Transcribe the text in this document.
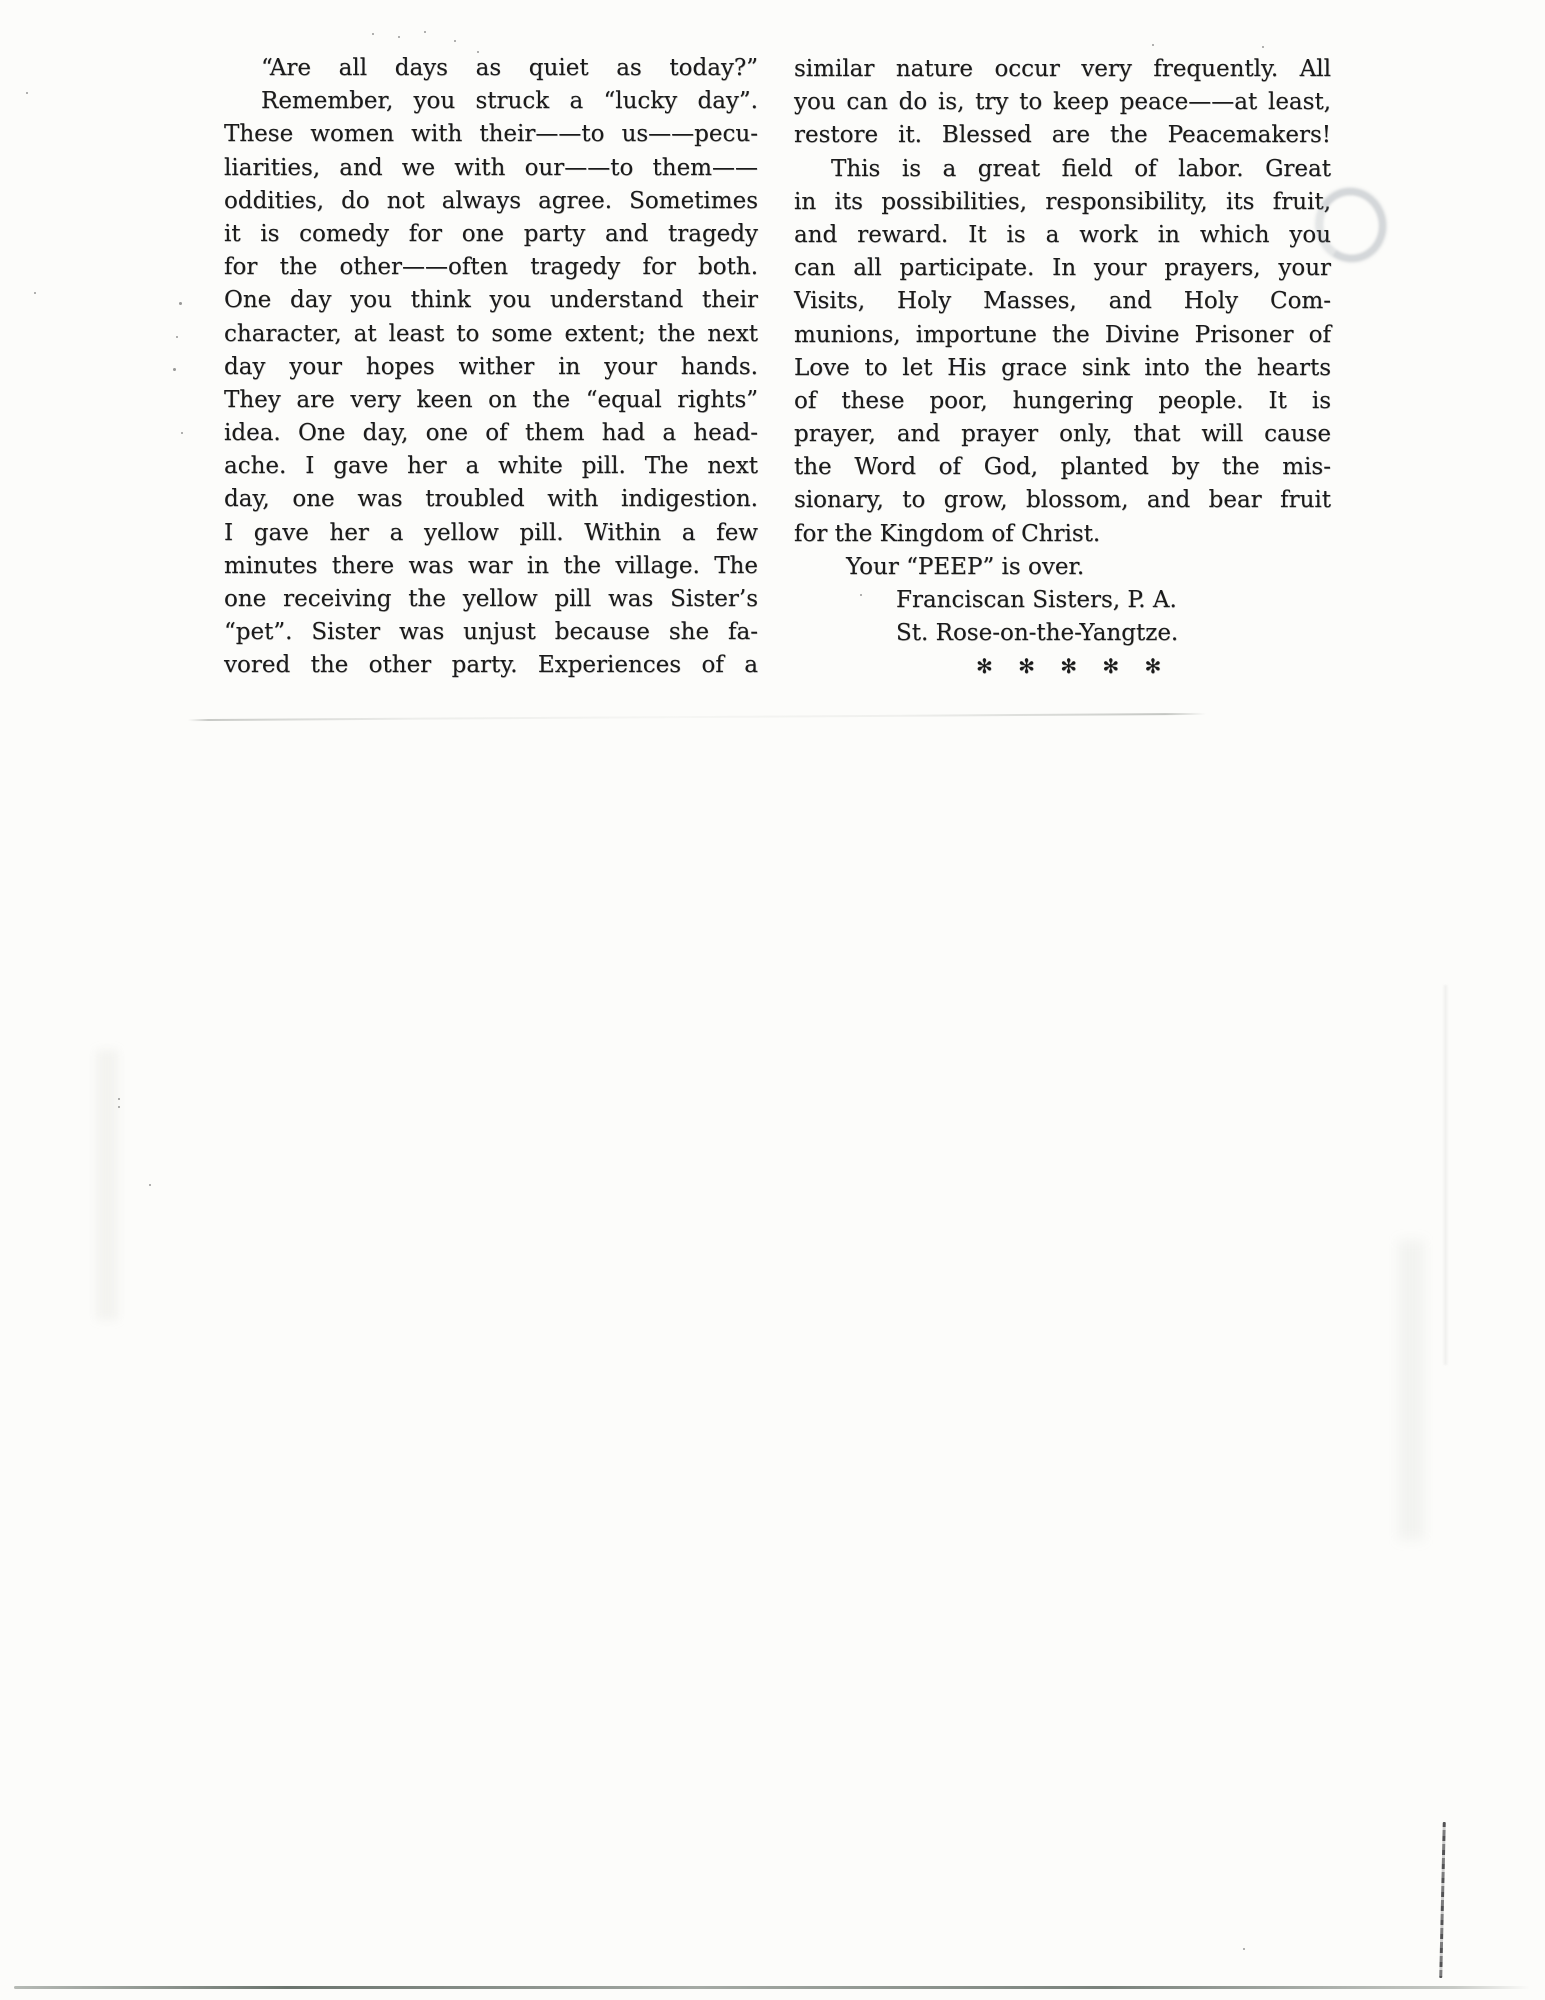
“Are all days as quiet as today?”
Remember, you struck a “lucky day”.
These women with their——to us——pecu-
liarities, and we with our——to them——
oddities, do not always agree. Sometimes
it is comedy for one party and tragedy
for the other——often tragedy for both.
One day you think you understand their
character, at least to some extent; the next
day your hopes wither in your hands.
They are very keen on the “equal rights”
idea. One day, one of them had a head-
ache. I gave her a white pill. The next
day, one was troubled with indigestion.
I gave her a yellow pill. Within a few
minutes there was war in the village. The
one receiving the yellow pill was Sister’s
“pet”. Sister was unjust because she fa-
vored the other party. Experiences of a
similar nature occur very frequently. All
you can do is, try to keep peace——at least,
restore it. Blessed are the Peacemakers!
This is a great field of labor. Great
in its possibilities, responsibility, its fruit,
and reward. It is a work in which you
can all participate. In your prayers, your
Visits, Holy Masses, and Holy Com-
munions, importune the Divine Prisoner of
Love to let His grace sink into the hearts
of these poor, hungering people. It is
prayer, and prayer only, that will cause
the Word of God, planted by the mis-
sionary, to grow, blossom, and bear fruit
for the Kingdom of Christ.
Your “PEEP” is over.
Franciscan Sisters, P. A.
St. Rose-on-the-Yangtze.
✻ ✻ ✻ ✻ ✻
